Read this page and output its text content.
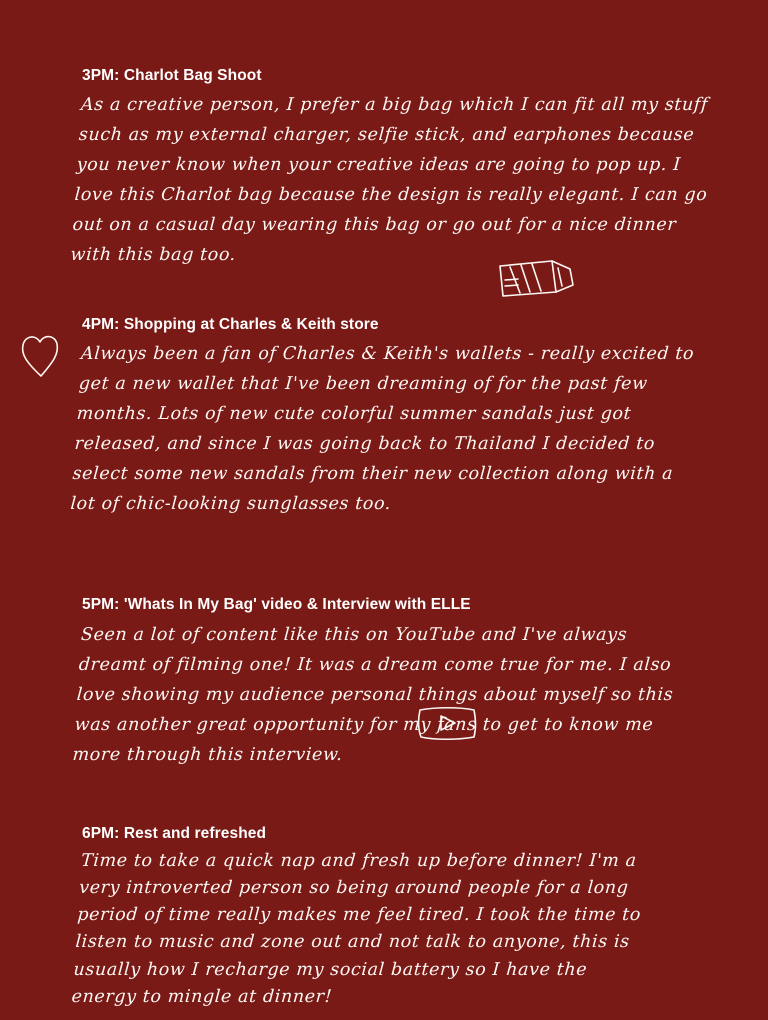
3PM: Charlot Bag Shoot

As a creative person, I prefer a big bag which I can fit all my stuff such as my external charger, selfie stick, and earphones because you never know when your creative ideas are going to pop up. I love this Charlot bag because the design is really elegant. I can go out on a casual day wearing this bag or go out for a nice dinner with this bag too.

4PM: Shopping at Charles & Keith store

Always been a fan of Charles & Keith's wallets - really excited to get a new wallet that I've been dreaming of for the past few months. Lots of new cute colorful summer sandals just got released, and since I was going back to Thailand I decided to select some new sandals from their new collection along with a lot of chic-looking sunglasses too.

5PM: 'Whats In My Bag' video & Interview with ELLE

Seen a lot of content like this on YouTube and I've always dreamt of filming one! It was a dream come true for me. I also love showing my audience personal things about myself so this was another great opportunity for my fans to get to know me more through this interview.

6PM: Rest and refreshed

Time to take a quick nap and fresh up before dinner! I'm a very introverted person so being around people for a long period of time really makes me feel tired. I took the time to listen to music and zone out and not talk to anyone, this is usually how I recharge my social battery so I have the energy to mingle at dinner!
